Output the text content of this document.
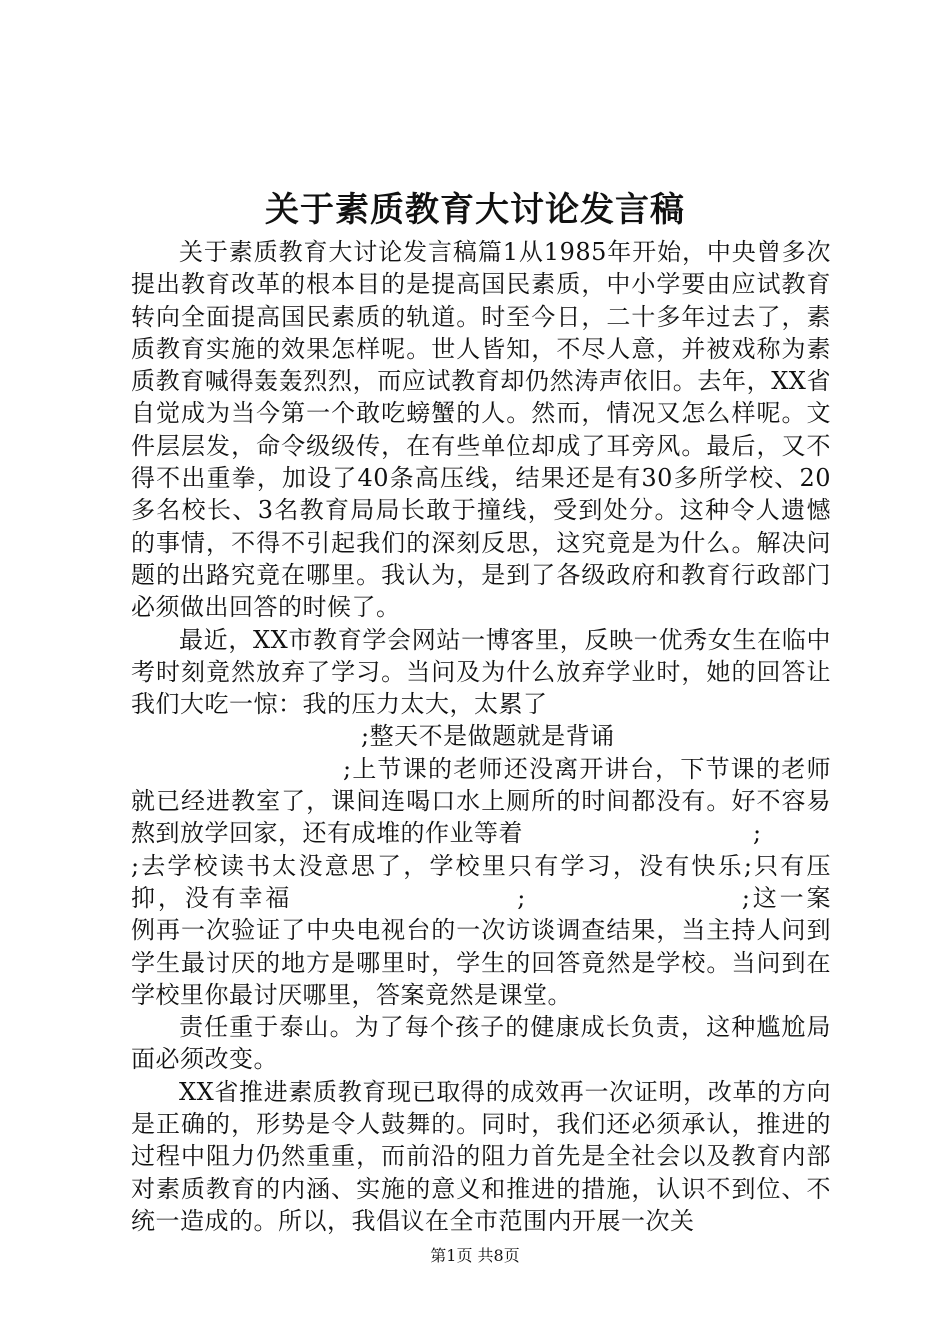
关于素质教育大讨论发言稿

关于素质教育大讨论发言稿篇1从1985年开始，中央曾多次提出教育改革的根本目的是提高国民素质，中小学要由应试教育转向全面提高国民素质的轨道。时至今日，二十多年过去了，素质教育实施的效果怎样呢。世人皆知，不尽人意，并被戏称为素质教育喊得轰轰烈烈，而应试教育却仍然涛声依旧。去年，XX省自觉成为当今第一个敢吃螃蟹的人。然而，情况又怎么样呢。文件层层发，命令级级传，在有些单位却成了耳旁风。最后，又不得不出重拳，加设了40条高压线，结果还是有30多所学校、20多名校长、3名教育局局长敢于撞线，受到处分。这种令人遗憾的事情，不得不引起我们的深刻反思，这究竟是为什么。解决问题的出路究竟在哪里。我认为，是到了各级政府和教育行政部门必须做出回答的时候了。

最近，XX市教育学会网站一博客里，反映一优秀女生在临中考时刻竟然放弃了学习。当问及为什么放弃学业时，她的回答让我们大吃一惊：我的压力太大，太累了

;整天不是做题就是背诵

;上节课的老师还没离开讲台，下节课的老师就已经进教室了，课间连喝口水上厕所的时间都没有。好不容易熬到放学回家，还有成堆的作业等着	;

;去学校读书太没意思了，学校里只有学习，没有快乐;只有压抑，没有幸福	;	;这一案例再一次验证了中央电视台的一次访谈调查结果，当主持人问到学生最讨厌的地方是哪里时，学生的回答竟然是学校。当问到在学校里你最讨厌哪里，答案竟然是课堂。

责任重于泰山。为了每个孩子的健康成长负责，这种尴尬局面必须改变。

XX省推进素质教育现已取得的成效再一次证明，改革的方向是正确的，形势是令人鼓舞的。同时，我们还必须承认，推进的过程中阻力仍然重重，而前沿的阻力首先是全社会以及教育内部对素质教育的内涵、实施的意义和推进的措施，认识不到位、不统一造成的。所以，我倡议在全市范围内开展一次关

第1页 共8页
